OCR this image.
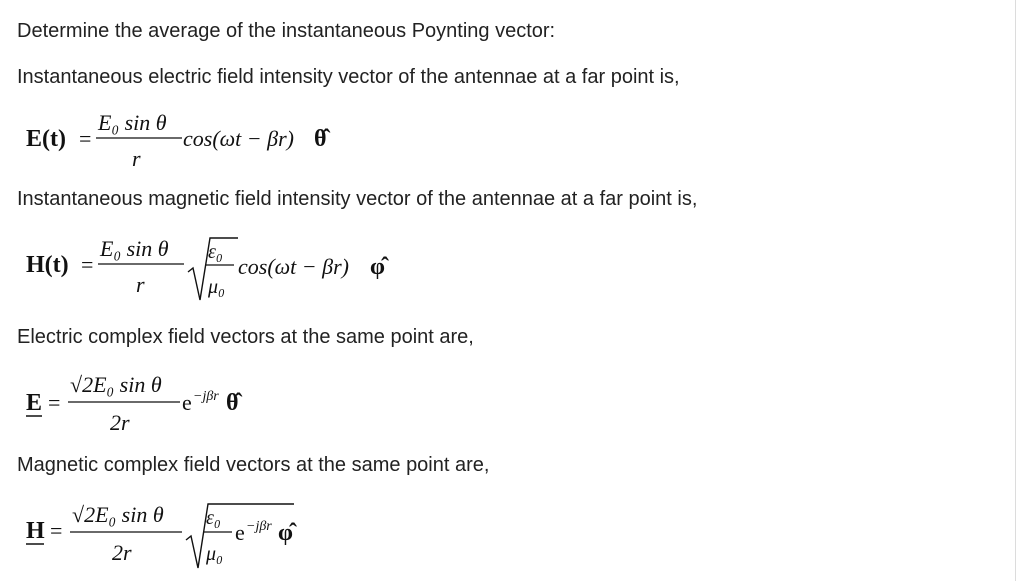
Determine the average of the instantaneous Poynting vector:
Instantaneous electric field intensity vector of the antennae at a far point is,
E(t) =
E₀ sin θ
r
cos(ωt − βr) θ̂
Instantaneous magnetic field intensity vector of the antennae at a far point is,
H(t) =
E₀ sin θ
r
ε₀
μ₀
cos(ωt − βr) φ̂
Electric complex field vectors at the same point are,
E =
√2E₀ sin θ
2r
e −jβr θ̂
Magnetic complex field vectors at the same point are,
H =
√2E₀ sin θ
2r
ε₀
μ₀
e −jβr φ̂
